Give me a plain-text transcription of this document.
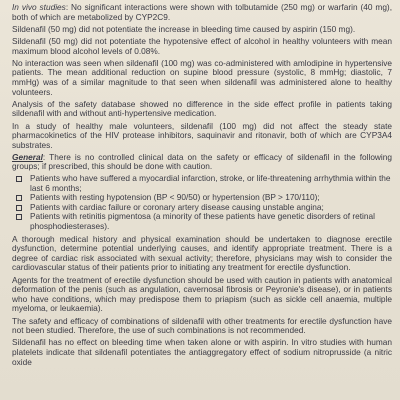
In vivo studies: No significant interactions were shown with tolbutamide (250 mg) or warfarin (40 mg), both of which are metabolized by CYP2C9.

Sildenafil (50 mg) did not potentiate the increase in bleeding time caused by aspirin (150 mg).

Sildenafil (50 mg) did not potentiate the hypotensive effect of alcohol in healthy volunteers with mean maximum blood alcohol levels of 0.08%.

No interaction was seen when sildenafil (100 mg) was co-administered with amlodipine in hypertensive patients. The mean additional reduction on supine blood pressure (systolic, 8 mmHg; diastolic, 7 mmHg) was of a similar magnitude to that seen when sildenafil was administered alone to healthy volunteers.

Analysis of the safety database showed no difference in the side effect profile in patients taking sildenafil with and without anti-hypertensive medication.

In a study of healthy male volunteers, sildenafil (100 mg) did not affect the steady state pharmacokinetics of the HIV protease inhibitors, saquinavir and ritonavir, both of which are CYP3A4 substrates.

General: There is no controlled clinical data on the safety or efficacy of sildenafil in the following groups; if prescribed, this should be done with caution.

Patients who have suffered a myocardial infarction, stroke, or life-threatening arrhythmia within the last 6 months;
Patients with resting hypotension (BP < 90/50) or hypertension (BP > 170/110);
Patients with cardiac failure or coronary artery disease causing unstable angina;
Patients with retinitis pigmentosa (a minority of these patients have genetic disorders of retinal phosphodiesterases).

A thorough medical history and physical examination should be undertaken to diagnose erectile dysfunction, determine potential underlying causes, and identify appropriate treatment. There is a degree of cardiac risk associated with sexual activity; therefore, physicians may wish to consider the cardiovascular status of their patients prior to initiating any treatment for erectile dysfunction.

Agents for the treatment of erectile dysfunction should be used with caution in patients with anatomical deformation of the penis (such as angulation, cavernosal fibrosis or Peyronie's disease), or in patients who have conditions, which may predispose them to priapism (such as sickle cell anaemia, multiple myeloma, or leukaemia).

The safety and efficacy of combinations of sildenafil with other treatments for erectile dysfunction have not been studied. Therefore, the use of such combinations is not recommended.

Sildenafil has no effect on bleeding time when taken alone or with aspirin. In vitro studies with human platelets indicate that sildenafil potentiates the antiaggregatory effect of sodium nitroprusside (a nitric oxide
